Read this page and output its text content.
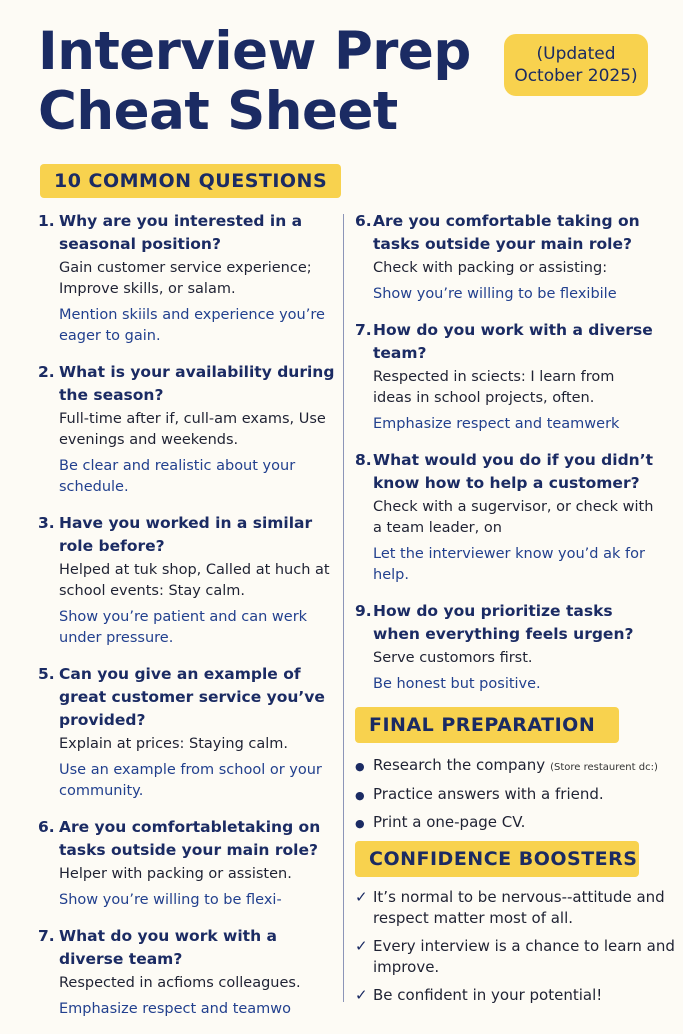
Interview Prep
Cheat Sheet
(Updated October 2025)
10 COMMON QUESTIONS
1. Why are you interested in a seasonal position?
Gain customer service experience; Improve skills, or salam.
Mention skiils and experience you’re eager to gain.
2. What is your availability during the season?
Full-time after if, cull-am exams, Use evenings and weekends.
Be clear and realistic about your schedule.
3. Have you worked in a similar role before?
Helped at tuk shop, Called at huch at school events: Stay calm.
Show you’re patient and can werk under pressure.
5. Can you give an example of great customer service you’ve provided?
Explain at prices: Staying calm.
Use an example from school or your community.
6. Are you comfortabletaking on tasks outside your main role?
Helper with packing or assisten.
Show you’re willing to be flexi-
7. What do you work with a diverse team?
Respected in acfioms colleagues.
Emphasize respect and teamwo
6. Are you comfortable taking on tasks outside your main role?
Check with packing or assisting:
Show you’re willing to be flexibile
7. How do you work with a diverse team?
Respected in sciects: I learn from ideas in school projects, often.
Emphasize respect and teamwerk
8. What would you do if you didn’t know how to help a customer?
Check with a sugervisor, or check with a team leader, on
Let the interviewer know you’d ak for help.
9. How do you prioritize tasks when everything feels urgen?
Serve customors first.
Be honest but positive.
FINAL PREPARATION
● Research the company (Store restaurent dc:)
● Practice answers with a friend.
● Print a one-page CV.
CONFIDENCE BOOSTERS
✓ It’s normal to be nervous--attitude and respect matter most of all.
✓ Every interview is a chance to learn and improve.
✓ Be confident in your potential!
